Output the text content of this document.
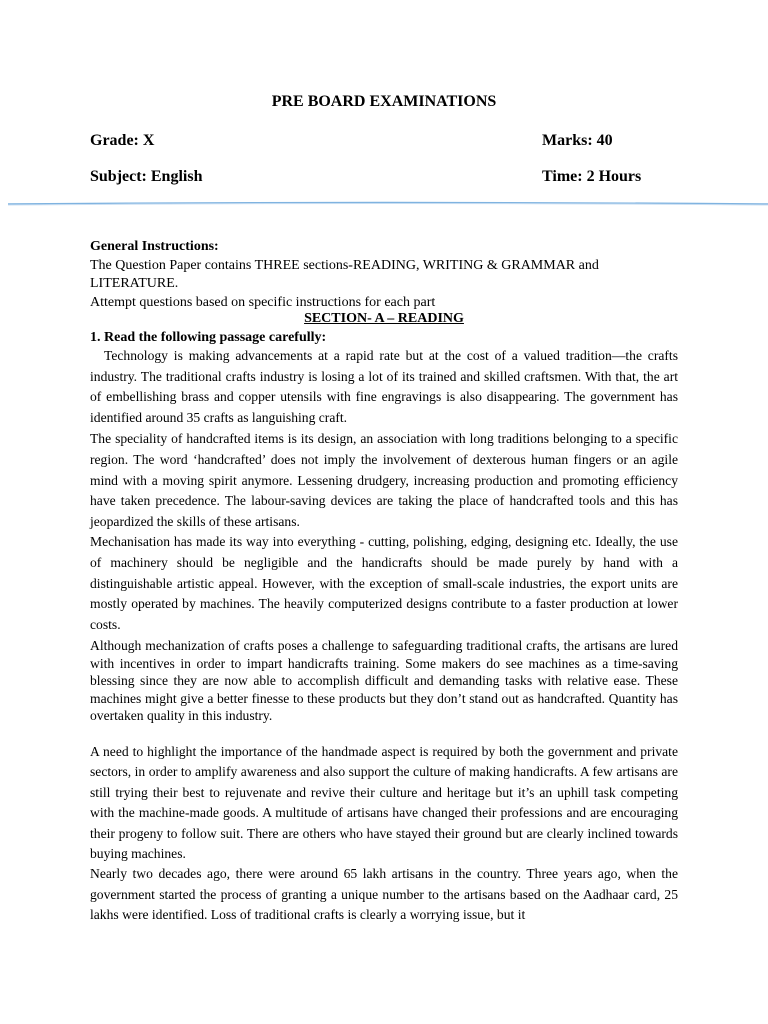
PRE BOARD EXAMINATIONS
Grade: X	Marks: 40
Subject: English	Time: 2 Hours
General Instructions:
The Question Paper contains THREE sections-READING, WRITING & GRAMMAR and LITERATURE.
Attempt questions based on specific instructions for each part
SECTION- A – READING
1. Read the following passage carefully:
Technology is making advancements at a rapid rate but at the cost of a valued tradition—the crafts industry. The traditional crafts industry is losing a lot of its trained and skilled craftsmen. With that, the art of embellishing brass and copper utensils with fine engravings is also disappearing. The government has identified around 35 crafts as languishing craft.
The speciality of handcrafted items is its design, an association with long traditions belonging to a specific region. The word ‘handcrafted’ does not imply the involvement of dexterous human fingers or an agile mind with a moving spirit anymore. Lessening drudgery, increasing production and promoting efficiency have taken precedence. The labour-saving devices are taking the place of handcrafted tools and this has jeopardized the skills of these artisans.
Mechanisation has made its way into everything - cutting, polishing, edging, designing etc. Ideally, the use of machinery should be negligible and the handicrafts should be made purely by hand with a distinguishable artistic appeal. However, with the exception of small-scale industries, the export units are mostly operated by machines. The heavily computerized designs contribute to a faster production at lower costs.
Although mechanization of crafts poses a challenge to safeguarding traditional crafts, the artisans are lured with incentives in order to impart handicrafts training. Some makers do see machines as a time-saving blessing since they are now able to accomplish difficult and demanding tasks with relative ease. These machines might give a better finesse to these products but they don’t stand out as handcrafted. Quantity has overtaken quality in this industry.
A need to highlight the importance of the handmade aspect is required by both the government and private sectors, in order to amplify awareness and also support the culture of making handicrafts. A few artisans are still trying their best to rejuvenate and revive their culture and heritage but it’s an uphill task competing with the machine-made goods. A multitude of artisans have changed their professions and are encouraging their progeny to follow suit. There are others who have stayed their ground but are clearly inclined towards buying machines.
Nearly two decades ago, there were around 65 lakh artisans in the country. Three years ago, when the government started the process of granting a unique number to the artisans based on the Aadhaar card, 25 lakhs were identified. Loss of traditional crafts is clearly a worrying issue, but it
